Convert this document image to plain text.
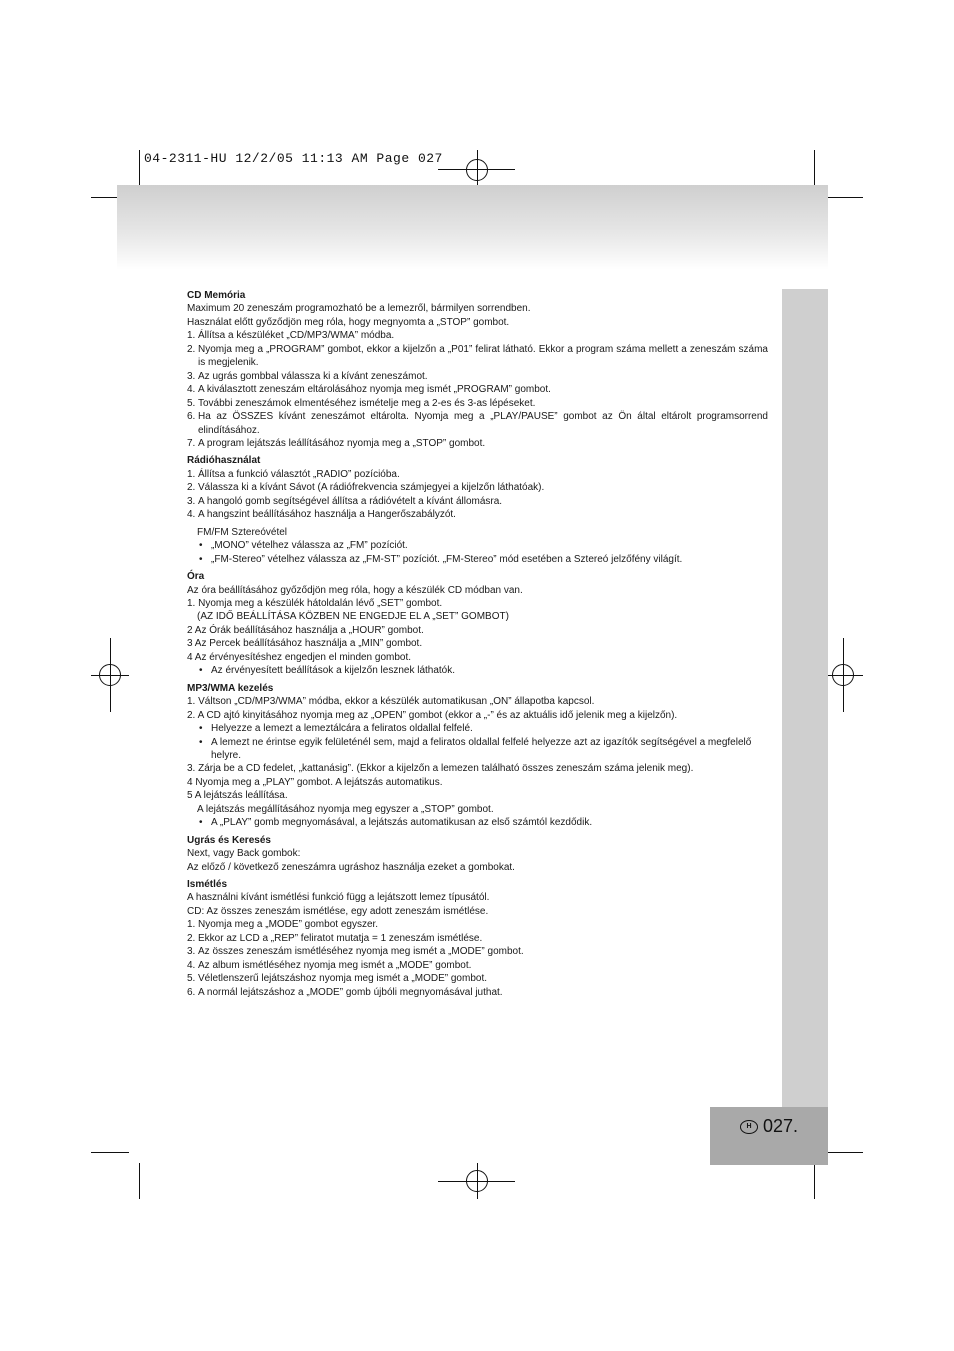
04-2311-HU 12/2/05 11:13 AM Page 027
H 027.
CD Memória

Maximum 20 zeneszám programozható be a lemezről, bármilyen sorrendben.

Használat előtt győződjön meg róla, hogy megnyomta a „STOP” gombot.

1. Állítsa a készüléket „CD/MP3/WMA” módba.
2. Nyomja meg a „PROGRAM” gombot, ekkor a kijelzőn a „P01” felirat látható. Ekkor a program száma mellett a zeneszám száma is megjelenik.
3. Az ugrás gombbal válassza ki a kívánt zeneszámot.
4. A kiválasztott zeneszám eltárolásához nyomja meg ismét „PROGRAM” gombot.
5. További zeneszámok elmentéséhez ismételje meg a 2-es és 3-as lépéseket.
6. Ha az ÖSSZES kívánt zeneszámot eltárolta. Nyomja meg a „PLAY/PAUSE” gombot az Ön által eltárolt programsorrend elindításához.
7. A program lejátszás leállításához nyomja meg a „STOP” gombot.
Rádióhasználat
1. Állítsa a funkció választót „RADIO” pozícióba.
2. Válassza ki a kívánt Sávot (A rádiófrekvencia számjegyei a kijelzőn láthatóak).
3. A hangoló gomb segítségével állítsa a rádióvételt a kívánt állomásra.
4. A hangszint beállításához használja a Hangerőszabályzót.

FM/FM Sztereóvétel

• „MONO” vételhez válassza az „FM” pozíciót.
• „FM-Stereo” vételhez válassza az „FM-ST” pozíciót. „FM-Stereo” mód esetében a Sztereó jelzőfény világít.
Óra

Az óra beállításához győződjön meg róla, hogy a készülék CD módban van.

1. Nyomja meg a készülék hátoldalán lévő „SET” gombot.

(AZ IDŐ BEÁLLÍTÁSA KÖZBEN NE ENGEDJE EL A „SET” GOMBOT)

2 Az Órák beállításához használja a „HOUR” gombot.

3 Az Percek beállításához használja a „MIN” gombot.

4 Az érvényesítéshez engedjen el minden gombot.

• Az érvényesített beállítások a kijelzőn lesznek láthatók.
MP3/WMA kezelés

1. Váltson „CD/MP3/WMA” módba, ekkor a készülék automatikusan „ON” állapotba kapcsol.

2. A CD ajtó kinyitásához nyomja meg az „OPEN” gombot (ekkor a „-” és az aktuális idő jelenik meg a kijelzőn).

• Helyezze a lemezt a lemeztálcára a feliratos oldallal felfelé.
• A lemezt ne érintse egyik felületénél sem, majd a feliratos oldallal felfelé helyezze azt az igazítók segítségével a megfelelő helyre.

3. Zárja be a CD fedelet, „kattanásig”. (Ekkor a kijelzőn a lemezen található összes zeneszám száma jelenik meg).

4 Nyomja meg a „PLAY” gombot. A lejátszás automatikus.

5 A lejátszás leállítása.

A lejátszás megállításához nyomja meg egyszer a „STOP” gombot.

• A „PLAY” gomb megnyomásával, a lejátszás automatikusan az első számtól kezdődik.
Ugrás és Keresés

Next, vagy Back gombok:

Az előző / következő zeneszámra ugráshoz használja ezeket a gombokat.

Ismétlés

A használni kívánt ismétlési funkció függ a lejátszott lemez típusától.

CD: Az összes zeneszám ismétlése, egy adott zeneszám ismétlése.

1. Nyomja meg a „MODE” gombot egyszer.
2. Ekkor az LCD a „REP” feliratot mutatja = 1 zeneszám ismétlése.
3. Az összes zeneszám ismétléséhez nyomja meg ismét a „MODE” gombot.
4. Az album ismétléséhez nyomja meg ismét a „MODE” gombot.
5. Véletlenszerű lejátszáshoz nyomja meg ismét a „MODE” gombot.
6. A normál lejátszáshoz a „MODE” gomb újbóli megnyomásával juthat.
